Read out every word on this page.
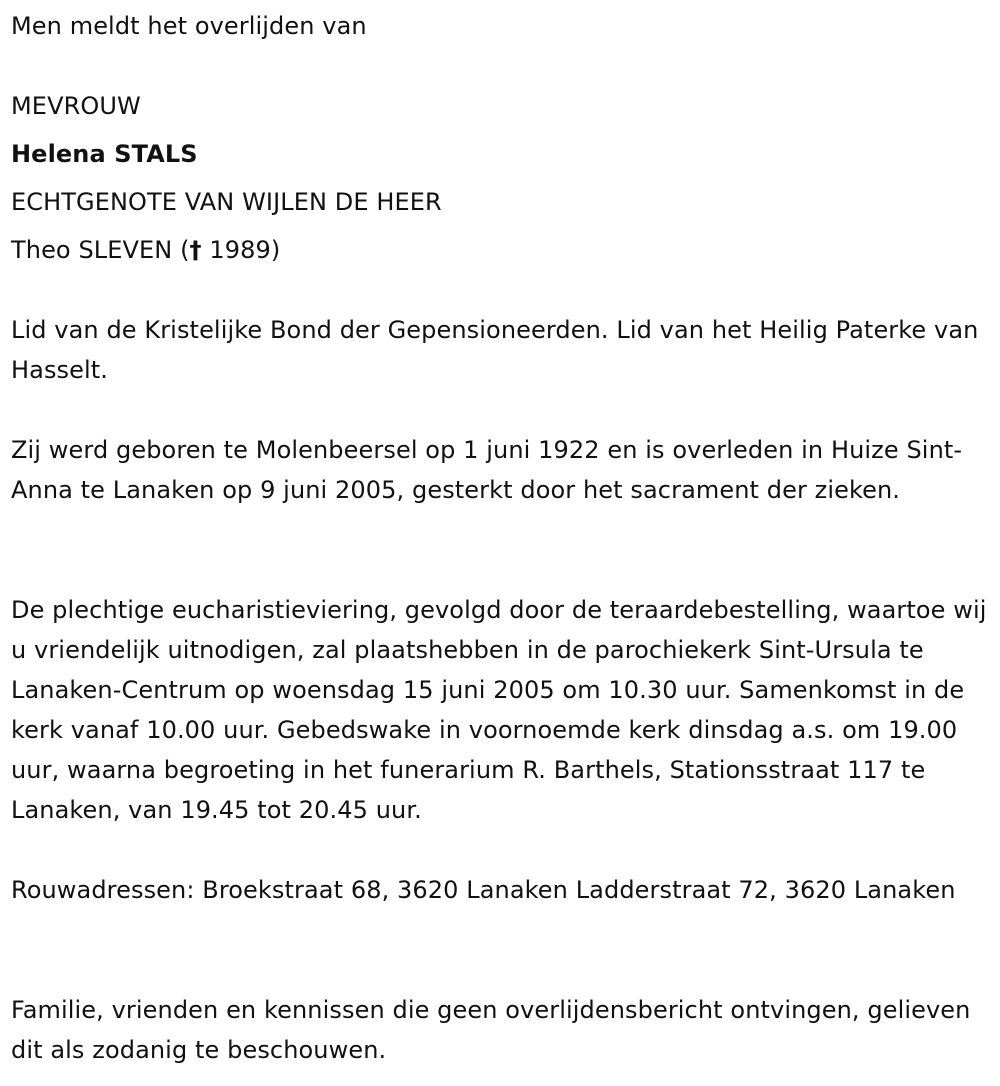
Men meldt het overlijden van
MEVROUW
Helena STALS
ECHTGENOTE VAN WIJLEN DE HEER
Theo SLEVEN († 1989)

Lid van de Kristelijke Bond der Gepensioneerden. Lid van het Heilig Paterke van Hasselt.

Zij werd geboren te Molenbeersel op 1 juni 1922 en is overleden in Huize Sint-Anna te Lanaken op 9 juni 2005, gesterkt door het sacrament der zieken.

De plechtige eucharistieviering, gevolgd door de teraardebestelling, waartoe wij u vriendelijk uitnodigen, zal plaatshebben in de parochiekerk Sint-Ursula te Lanaken-Centrum op woensdag 15 juni 2005 om 10.30 uur. Samenkomst in de kerk vanaf 10.00 uur. Gebedswake in voornoemde kerk dinsdag a.s. om 19.00 uur, waarna begroeting in het funerarium R. Barthels, Stationsstraat 117 te Lanaken, van 19.45 tot 20.45 uur.

Rouwadressen: Broekstraat 68, 3620 Lanaken Ladderstraat 72, 3620 Lanaken

Familie, vrienden en kennissen die geen overlijdensbericht ontvingen, gelieven dit als zodanig te beschouwen.
